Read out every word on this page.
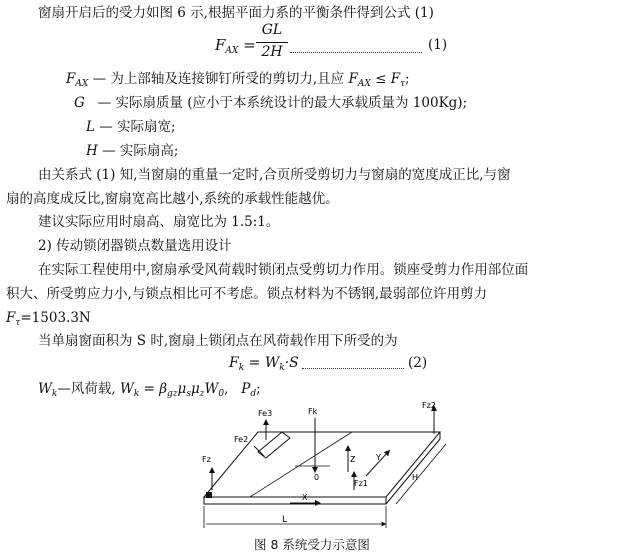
窗扇开启后的受力如图 6 示,根据平面力系的平衡条件得到公式 (1)
$F_{AX}$ =
GL
2H	(1)
$F_{AX}$ — 为上部轴及连接铆钉所受的剪切力,且应 $F_{AX} \le F_\tau$;
G — 实际扇质量 (应小于本系统设计的最大承载质量为 100Kg);
L — 实际扇宽;
H — 实际扇高;
由关系式 (1) 知,当窗扇的重量一定时,合页所受剪切力与窗扇的宽度成正比,与窗
扇的高度成反比,窗扇宽高比越小,系统的承载性能越优。
建议实际应用时扇高、扇宽比为 1.5:1。
2) 传动锁闭器锁点数量选用设计
在实际工程使用中,窗扇承受风荷载时锁闭点受剪切力作用。锁座受剪力作用部位面
积大、所受剪应力小,与锁点相比可不考虑。锁点材料为不锈钢,最弱部位许用剪力
$F_\tau=1503.3N$
当单扇窗面积为 S 时,窗扇上锁闭点在风荷载作用下所受的为
$F_k = W_k\cdot S$	(2)
$W_k—$风荷载, $W_k = \beta_{gz}\mu_s\mu_zW_0$, $P_d$;
Fe3
Fe2
Fz
Fk
Fz2
Z	Y
Fz1
H
X
0
L
图 8 系统受力示意图
